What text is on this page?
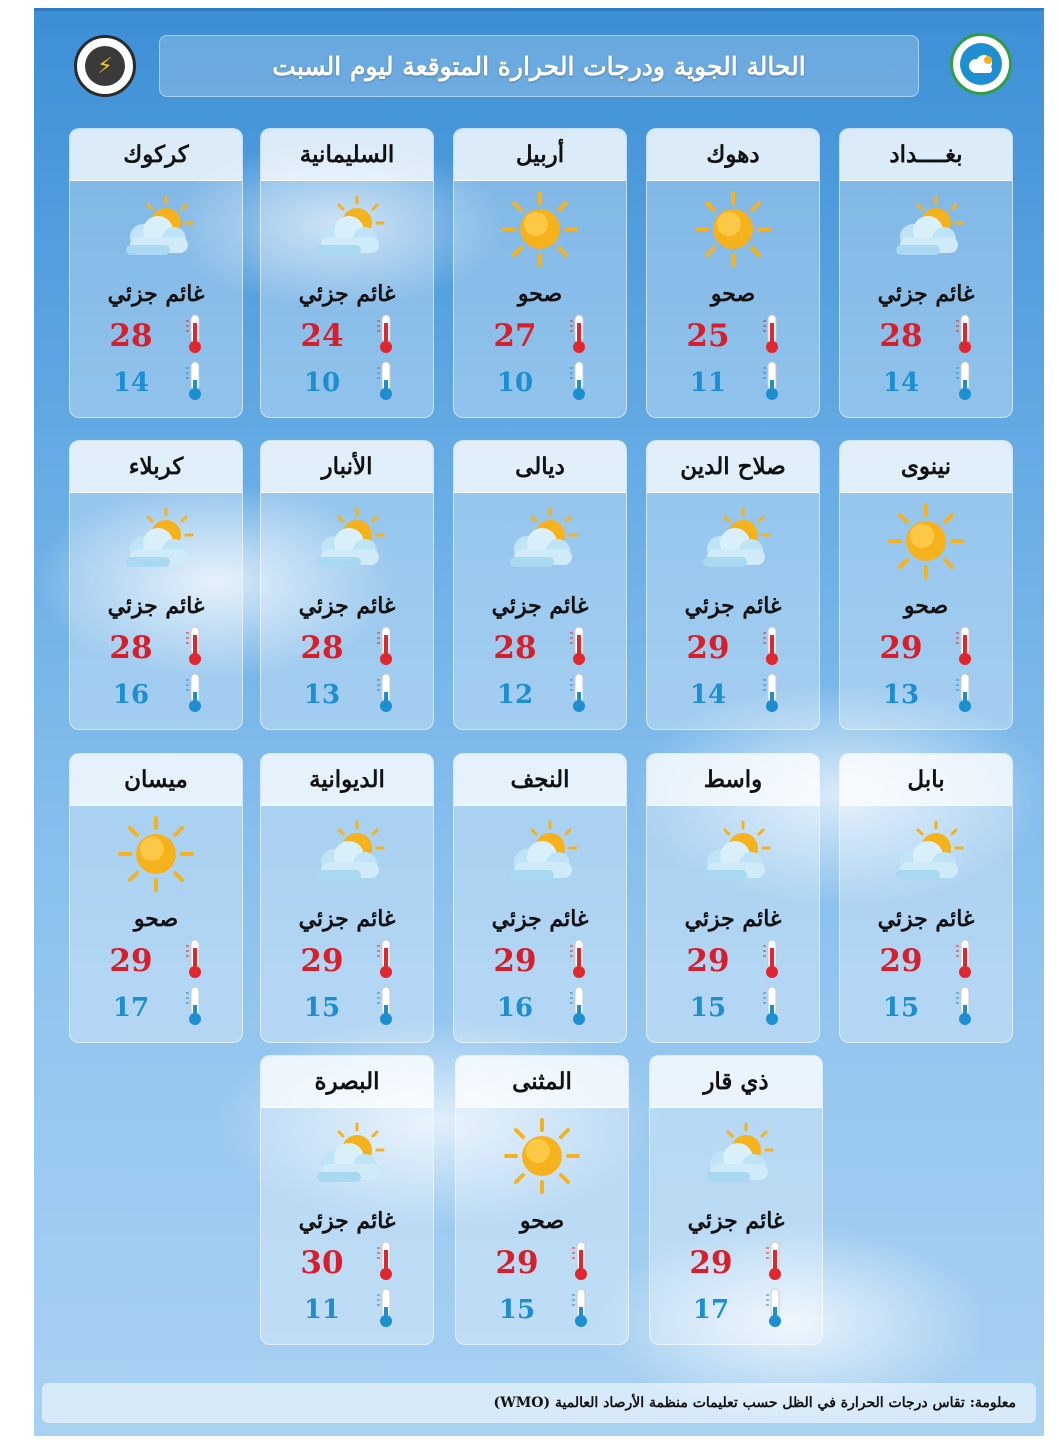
⚡	الحالة الجوية ودرجات الحرارة المتوقعة ليوم السبت
بغــــداد
غائم جزئي
28
14
دهوك
صحو
25
11
أربيل
صحو
27
10
السليمانية
غائم جزئي
24
10
كركوك
غائم جزئي
28
14
نينوى
صحو
29
13
صلاح الدين
غائم جزئي
29
14
ديالى
غائم جزئي
28
12
الأنبار
غائم جزئي
28
13
كربلاء
غائم جزئي
28
16
بابل
غائم جزئي
29
15
واسط
غائم جزئي
29
15
النجف
غائم جزئي
29
16
الديوانية
غائم جزئي
29
15
ميسان
صحو
29
17
ذي قار
غائم جزئي
29
17
المثنى
صحو
29
15
البصرة
غائم جزئي
30
11
معلومة: تقاس درجات الحرارة في الظل حسب تعليمات منظمة الأرصاد العالمية (WMO)
